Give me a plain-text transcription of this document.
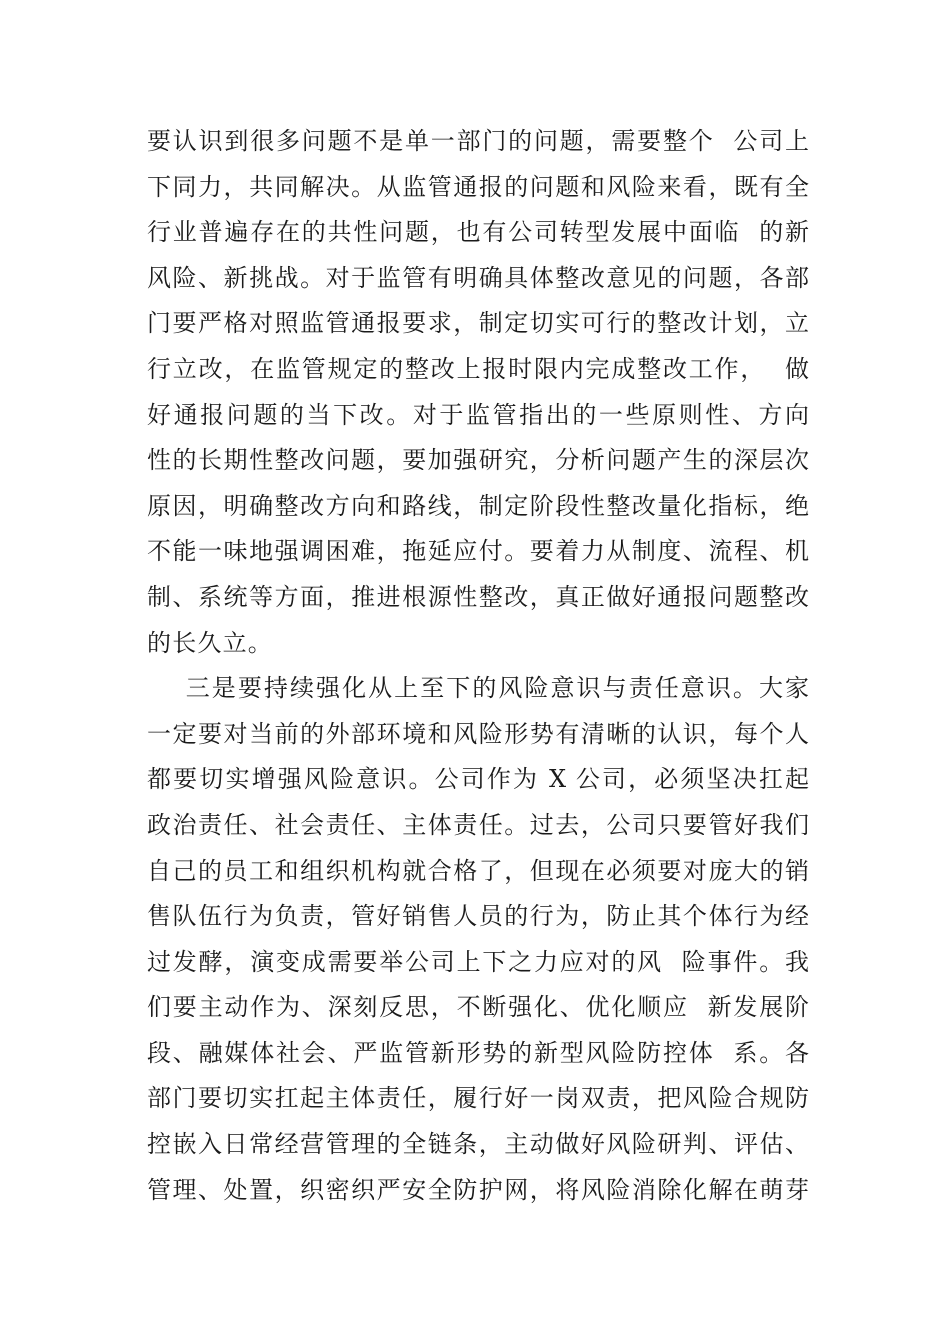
要认识到很多问题不是单一部门的问题，需要整个  公司上
下同力，共同解决。从监管通报的问题和风险来看，既有全
行业普遍存在的共性问题，也有公司转型发展中面临  的新
风险、新挑战。对于监管有明确具体整改意见的问题，各部
门要严格对照监管通报要求，制定切实可行的整改计划，立
行立改，在监管规定的整改上报时限内完成整改工作，  做
好通报问题的当下改。对于监管指出的一些原则性、方向
性的长期性整改问题，要加强研究，分析问题产生的深层次
原因，明确整改方向和路线，制定阶段性整改量化指标，绝
不能一味地强调困难，拖延应付。要着力从制度、流程、机
制、系统等方面，推进根源性整改，真正做好通报问题整改
的长久立。
三是要持续强化从上至下的风险意识与责任意识。大家
一定要对当前的外部环境和风险形势有清晰的认识，每个人
都要切实增强风险意识。公司作为 X 公司，必须坚决扛起
政治责任、社会责任、主体责任。过去，公司只要管好我们
自己的员工和组织机构就合格了，但现在必须要对庞大的销
售队伍行为负责，管好销售人员的行为，防止其个体行为经
过发酵，演变成需要举公司上下之力应对的风  险事件。我
们要主动作为、深刻反思，不断强化、优化顺应  新发展阶
段、融媒体社会、严监管新形势的新型风险防控体  系。各
部门要切实扛起主体责任，履行好一岗双责，把风险合规防
控嵌入日常经营管理的全链条，主动做好风险研判、评估、
管理、处置，织密织严安全防护网，将风险消除化解在萌芽
